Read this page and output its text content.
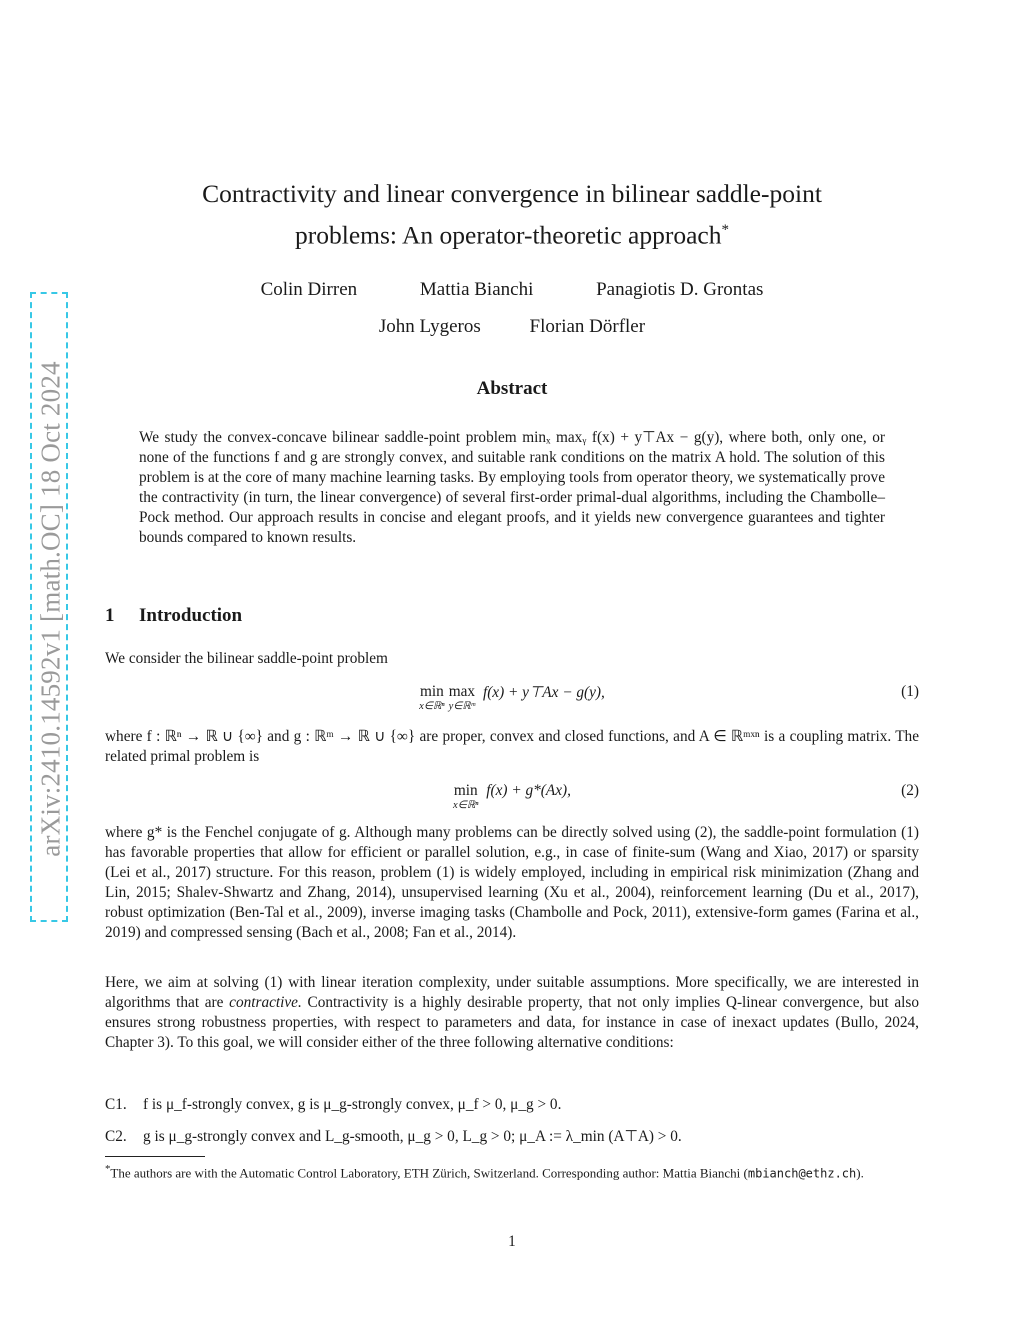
arXiv:2410.14592v1 [math.OC] 18 Oct 2024
Contractivity and linear convergence in bilinear saddle-point
problems: An operator-theoretic approach*
Colin Dirren	Mattia Bianchi	Panagiotis D. Grontas
John Lygeros	Florian Dörfler
Abstract

We study the convex-concave bilinear saddle-point problem minₓ maxᵧ f(x) + y⊤Ax − g(y), where both, only one, or none of the functions f and g are strongly convex, and suitable rank conditions on the matrix A hold. The solution of this problem is at the core of many machine learning tasks. By employing tools from operator theory, we systematically prove the contractivity (in turn, the linear convergence) of several first-order primal-dual algorithms, including the Chambolle–Pock method. Our approach results in concise and elegant proofs, and it yields new convergence guarantees and tighter bounds compared to known results.

1 Introduction

We consider the bilinear saddle-point problem

min
x∈ℝⁿ
max
y∈ℝᵐ
f(x) + y⊤Ax − g(y),	(1)

where f : ℝⁿ → ℝ ∪ {∞} and g : ℝᵐ → ℝ ∪ {∞} are proper, convex and closed functions, and A ∈ ℝᵐˣⁿ is a coupling matrix. The related primal problem is

min
x∈ℝⁿ
f(x) + g*(Ax),	(2)

where g* is the Fenchel conjugate of g. Although many problems can be directly solved using (2), the saddle-point formulation (1) has favorable properties that allow for efficient or parallel solution, e.g., in case of finite-sum (Wang and Xiao, 2017) or sparsity (Lei et al., 2017) structure. For this reason, problem (1) is widely employed, including in empirical risk minimization (Zhang and Lin, 2015; Shalev-Shwartz and Zhang, 2014), unsupervised learning (Xu et al., 2004), reinforcement learning (Du et al., 2017), robust optimization (Ben-Tal et al., 2009), inverse imaging tasks (Chambolle and Pock, 2011), extensive-form games (Farina et al., 2019) and compressed sensing (Bach et al., 2008; Fan et al., 2014).

Here, we aim at solving (1) with linear iteration complexity, under suitable assumptions. More specifically, we are interested in algorithms that are contractive. Contractivity is a highly desirable property, that not only implies Q-linear convergence, but also ensures strong robustness properties, with respect to parameters and data, for instance in case of inexact updates (Bullo, 2024, Chapter 3). To this goal, we will consider either of the three following alternative conditions:

C1. f is μ_f-strongly convex, g is μ_g-strongly convex, μ_f > 0, μ_g > 0.

C2. g is μ_g-strongly convex and L_g-smooth, μ_g > 0, L_g > 0; μ_A := λ_min (A⊤A) > 0.

*The authors are with the Automatic Control Laboratory, ETH Zürich, Switzerland. Corresponding author: Mattia Bianchi (mbianch@ethz.ch).

1
